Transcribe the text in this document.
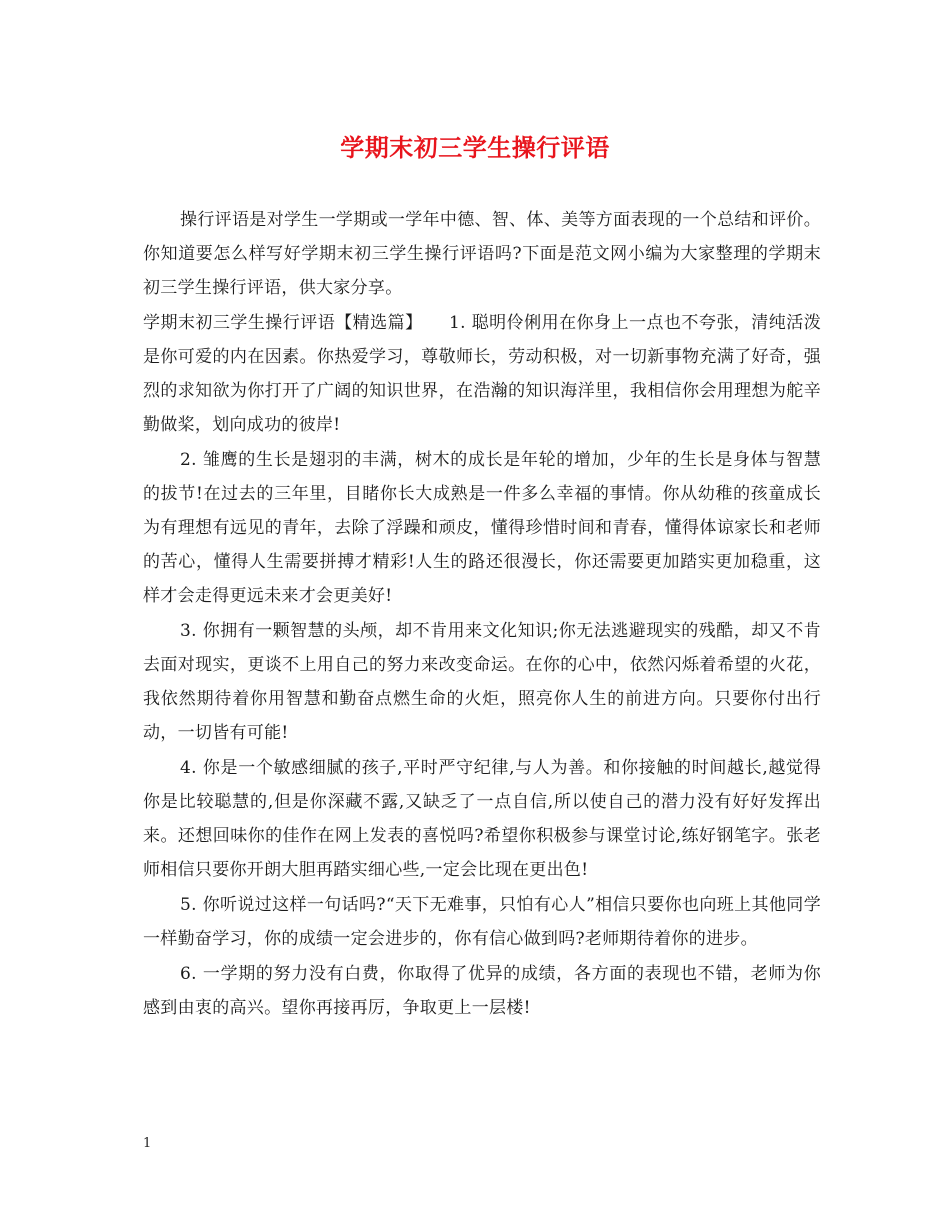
学期末初三学生操行评语

操行评语是对学生一学期或一学年中德、智、体、美等方面表现的一个总结和评价。你知道要怎么样写好学期末初三学生操行评语吗?下面是范文网小编为大家整理的学期末初三学生操行评语，供大家分享。

学期末初三学生操行评语【精选篇】　　1. 聪明伶俐用在你身上一点也不夸张，清纯活泼是你可爱的内在因素。你热爱学习，尊敬师长，劳动积极，对一切新事物充满了好奇，强烈的求知欲为你打开了广阔的知识世界，在浩瀚的知识海洋里，我相信你会用理想为舵辛勤做桨，划向成功的彼岸!

2. 雏鹰的生长是翅羽的丰满，树木的成长是年轮的增加，少年的生长是身体与智慧的拔节!在过去的三年里，目睹你长大成熟是一件多么幸福的事情。你从幼稚的孩童成长为有理想有远见的青年，去除了浮躁和顽皮，懂得珍惜时间和青春，懂得体谅家长和老师的苦心，懂得人生需要拼搏才精彩!人生的路还很漫长，你还需要更加踏实更加稳重，这样才会走得更远未来才会更美好!

3. 你拥有一颗智慧的头颅，却不肯用来文化知识;你无法逃避现实的残酷，却又不肯去面对现实，更谈不上用自己的努力来改变命运。在你的心中，依然闪烁着希望的火花，我依然期待着你用智慧和勤奋点燃生命的火炬，照亮你人生的前进方向。只要你付出行动，一切皆有可能!

4. 你是一个敏感细腻的孩子,平时严守纪律,与人为善。和你接触的时间越长,越觉得你是比较聪慧的,但是你深藏不露,又缺乏了一点自信,所以使自己的潜力没有好好发挥出来。还想回味你的佳作在网上发表的喜悦吗?希望你积极参与课堂讨论,练好钢笔字。张老师相信只要你开朗大胆再踏实细心些,一定会比现在更出色!

5. 你听说过这样一句话吗?“天下无难事，只怕有心人”相信只要你也向班上其他同学一样勤奋学习，你的成绩一定会进步的，你有信心做到吗?老师期待着你的进步。

6. 一学期的努力没有白费，你取得了优异的成绩，各方面的表现也不错，老师为你感到由衷的高兴。望你再接再厉，争取更上一层楼!

1
